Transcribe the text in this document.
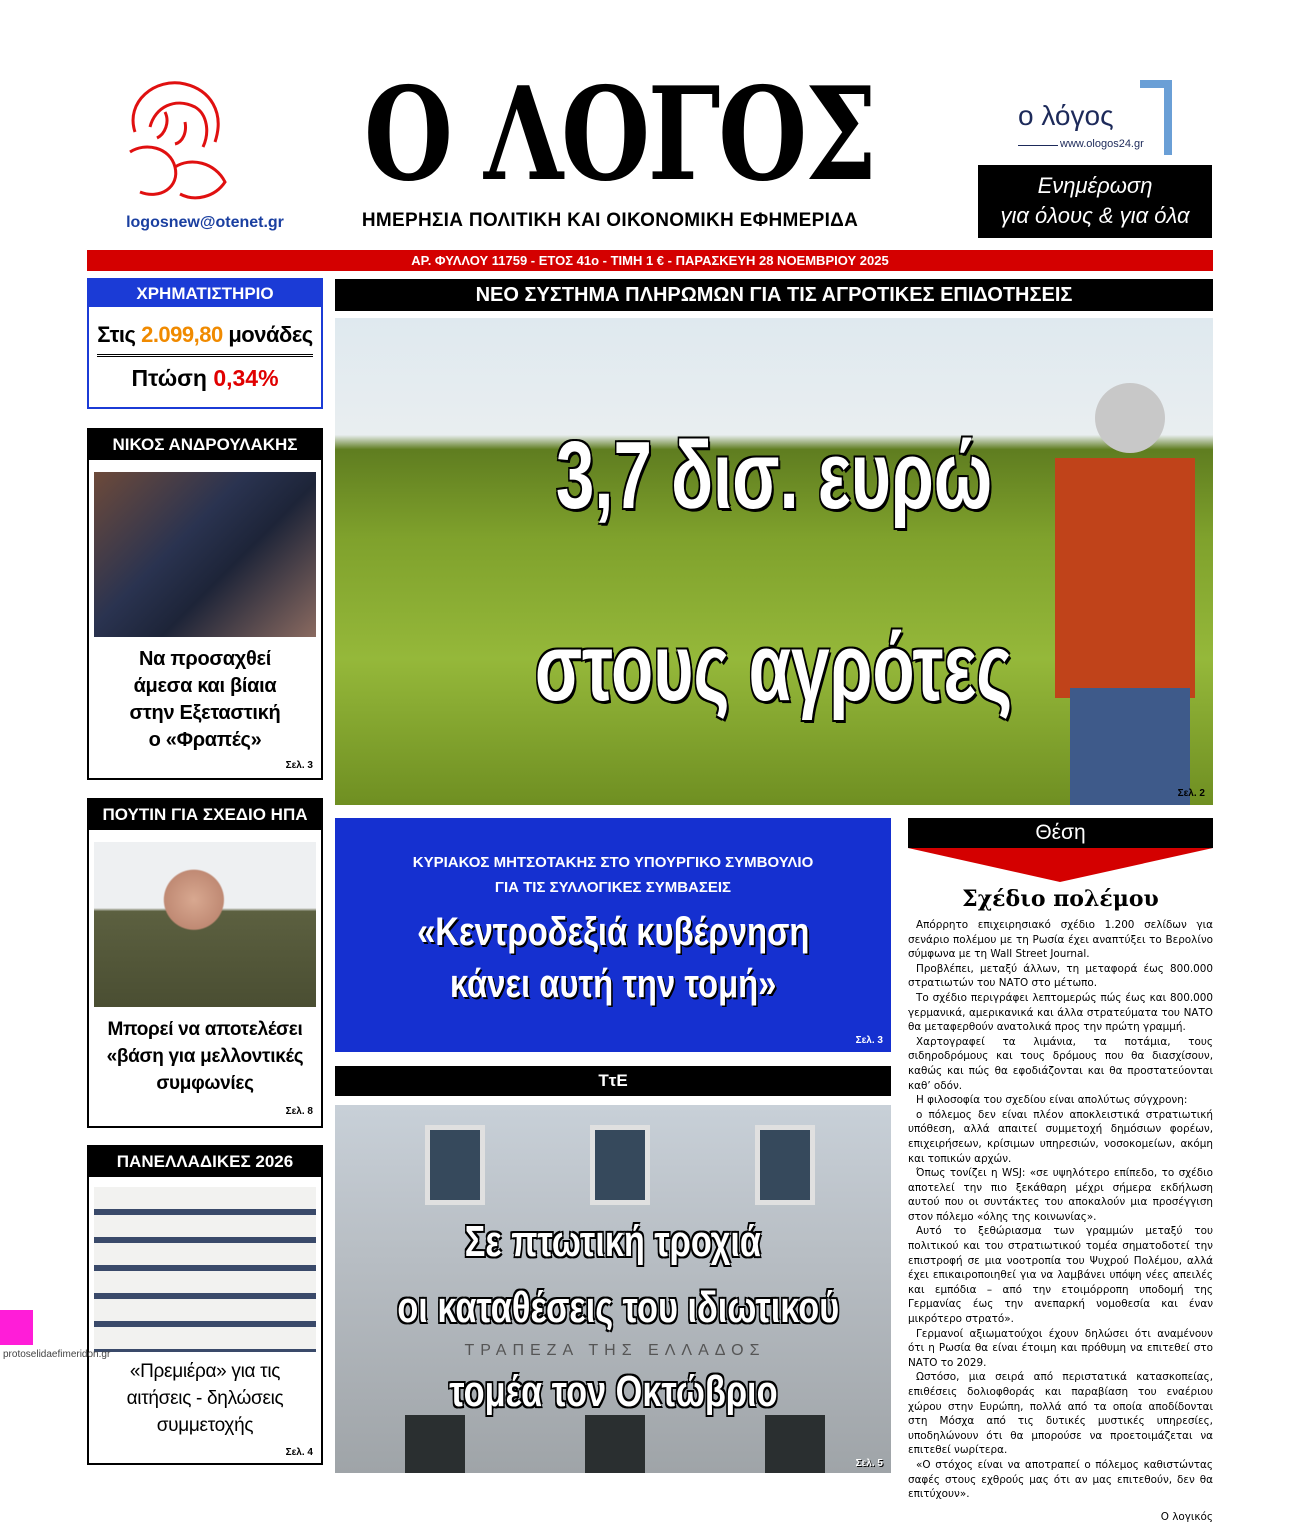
logosnew@otenet.gr
Ο ΛΟΓΟΣ
ΗΜΕΡΗΣΙΑ ΠΟΛΙΤΙΚΗ ΚΑΙ ΟΙΚΟΝΟΜΙΚΗ ΕΦΗΜΕΡΙΔΑ
ο λόγος
www.ologos24.gr
Ενημέρωση
για όλους & για όλα
ΑΡ. ΦΥΛΛΟΥ 11759 - ΕΤΟΣ 41ο - ΤΙΜΗ 1 € - ΠΑΡΑΣΚΕΥΗ 28 ΝΟΕΜΒΡΙΟΥ 2025
ΧΡΗΜΑΤΙΣΤΗΡΙΟ
Στις 2.099,80 μονάδες
Πτώση 0,34%
ΝΙΚΟΣ ΑΝΔΡΟΥΛΑΚΗΣ
Να προσαχθεί
άμεσα και βίαια
στην Εξεταστική
ο «Φραπές»
Σελ. 3
ΠΟΥΤΙΝ ΓΙΑ ΣΧΕΔΙΟ ΗΠΑ
Μπορεί να αποτελέσει
«βάση για μελλοντικές
συμφωνίες
Σελ. 8
ΠΑΝΕΛΛΑΔΙΚΕΣ 2026
«Πρεμιέρα» για τις
αιτήσεις - δηλώσεις
συμμετοχής
Σελ. 4
ΝΕΟ ΣΥΣΤΗΜΑ ΠΛΗΡΩΜΩΝ ΓΙΑ ΤΙΣ ΑΓΡΟΤΙΚΕΣ ΕΠΙΔΟΤΗΣΕΙΣ
3,7 δισ. ευρώ
στους αγρότες
Σελ. 2
ΚΥΡΙΑΚΟΣ ΜΗΤΣΟΤΑΚΗΣ ΣΤΟ ΥΠΟΥΡΓΙΚΟ ΣΥΜΒΟΥΛΙΟ
ΓΙΑ ΤΙΣ ΣΥΛΛΟΓΙΚΕΣ ΣΥΜΒΑΣΕΙΣ
«Κεντροδεξιά κυβέρνηση
κάνει αυτή την τομή»
Σελ. 3
ΤτΕ
ΤΡΑΠΕΖΑ ΤΗΣ ΕΛΛΑΔΟΣ
Σε πτωτική τροχιά
οι καταθέσεις του ιδιωτικού
τομέα τον Οκτώβριο
Σελ. 5
Θέση
Σχέδιο πολέμου

Απόρρητο επιχειρησιακό σχέδιο 1.200 σελίδων για σενάριο πολέμου με τη Ρωσία έχει αναπτύξει το Βερολίνο σύμφωνα με τη Wall Street Journal.

Προβλέπει, μεταξύ άλλων, τη μεταφορά έως 800.000 στρατιωτών του ΝΑΤΟ στο μέτωπο.

Το σχέδιο περιγράφει λεπτομερώς πώς έως και 800.000 γερμανικά, αμερικανικά και άλλα στρατεύματα του ΝΑΤΟ θα μεταφερθούν ανατολικά προς την πρώτη γραμμή.

Χαρτογραφεί τα λιμάνια, τα ποτάμια, τους σιδηροδρόμους και τους δρόμους που θα διασχίσουν, καθώς και πώς θα εφοδιάζονται και θα προστατεύονται καθ’ οδόν.

Η φιλοσοφία του σχεδίου είναι απολύτως σύγχρονη:

ο πόλεμος δεν είναι πλέον αποκλειστικά στρατιωτική υπόθεση, αλλά απαιτεί συμμετοχή δημόσιων φορέων, επιχειρήσεων, κρίσιμων υπηρεσιών, νοσοκομείων, ακόμη και τοπικών αρχών.

Όπως τονίζει η WSJ: «σε υψηλότερο επίπεδο, το σχέδιο αποτελεί την πιο ξεκάθαρη μέχρι σήμερα εκδήλωση αυτού που οι συντάκτες του αποκαλούν μια προσέγγιση στον πόλεμο «όλης της κοινωνίας».

Αυτό το ξεθώριασμα των γραμμών μεταξύ του πολιτικού και του στρατιωτικού τομέα σηματοδοτεί την επιστροφή σε μια νοοτροπία του Ψυχρού Πολέμου, αλλά έχει επικαιροποιηθεί για να λαμβάνει υπόψη νέες απειλές και εμπόδια – από την ετοιμόρροπη υποδομή της Γερμανίας έως την ανεπαρκή νομοθεσία και έναν μικρότερο στρατό».

Γερμανοί αξιωματούχοι έχουν δηλώσει ότι αναμένουν ότι η Ρωσία θα είναι έτοιμη και πρόθυμη να επιτεθεί στο ΝΑΤΟ το 2029.

Ωστόσο, μια σειρά από περιστατικά κατασκοπείας, επιθέσεις δολιοφθοράς και παραβίαση του εναέριου χώρου στην Ευρώπη, πολλά από τα οποία αποδίδονται στη Μόσχα από τις δυτικές μυστικές υπηρεσίες, υποδηλώνουν ότι θα μπορούσε να προετοιμάζεται να επιτεθεί νωρίτερα.

«Ο στόχος είναι να αποτραπεί ο πόλεμος καθιστώντας σαφές στους εχθρούς μας ότι αν μας επιτεθούν, δεν θα επιτύχουν».

Ο λογικός
protoselidaefimeridon.gr
